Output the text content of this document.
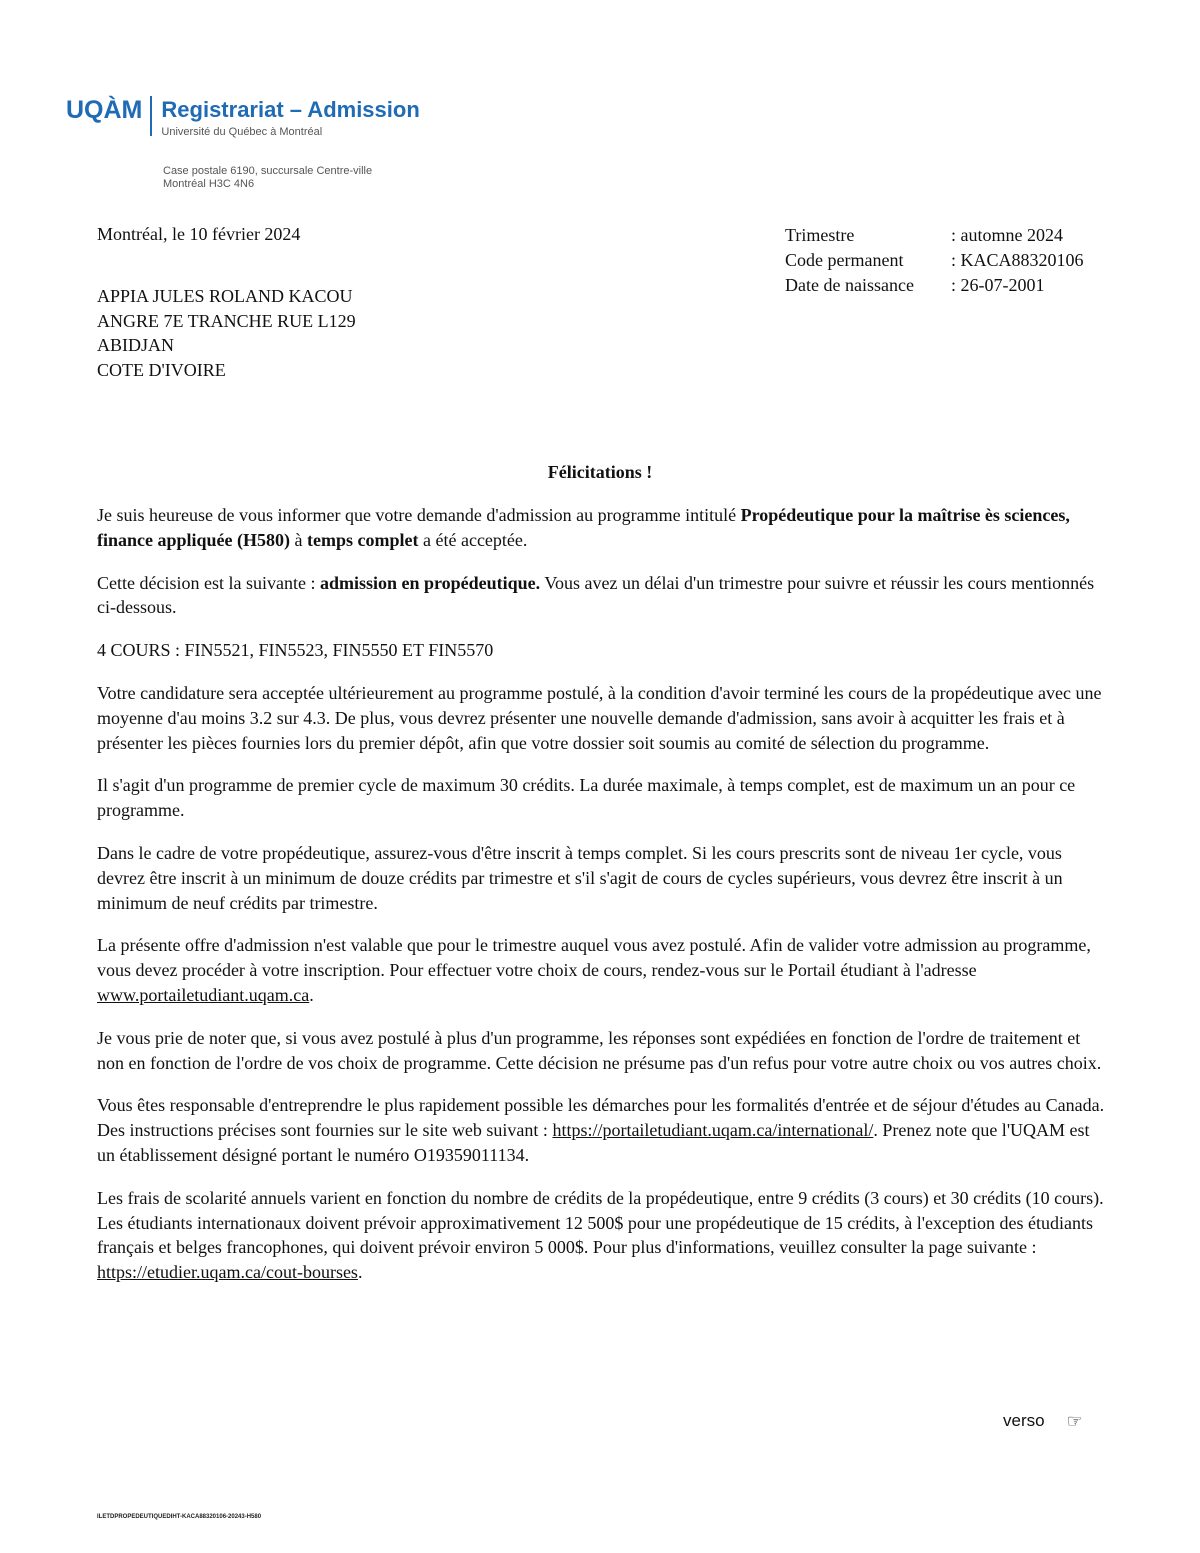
UQÀM Registrariat – Admission
Université du Québec à Montréal
Case postale 6190, succursale Centre-ville
Montréal H3C 4N6
Montréal, le 10 février 2024
APPIA JULES ROLAND KACOU
ANGRE 7E TRANCHE RUE L129
ABIDJAN
COTE D'IVOIRE
Trimestre	: automne 2024
Code permanent	: KACA88320106
Date de naissance	: 26-07-2001
Félicitations !

Je suis heureuse de vous informer que votre demande d'admission au programme intitulé Propédeutique pour la maîtrise ès sciences, finance appliquée (H580) à temps complet a été acceptée.

Cette décision est la suivante : admission en propédeutique. Vous avez un délai d'un trimestre pour suivre et réussir les cours mentionnés ci-dessous.

4 COURS : FIN5521, FIN5523, FIN5550 ET FIN5570

Votre candidature sera acceptée ultérieurement au programme postulé, à la condition d'avoir terminé les cours de la propédeutique avec une moyenne d'au moins 3.2 sur 4.3. De plus, vous devrez présenter une nouvelle demande d'admission, sans avoir à acquitter les frais et à présenter les pièces fournies lors du premier dépôt, afin que votre dossier soit soumis au comité de sélection du programme.

Il s'agit d'un programme de premier cycle de maximum 30 crédits. La durée maximale, à temps complet, est de maximum un an pour ce programme.

Dans le cadre de votre propédeutique, assurez-vous d'être inscrit à temps complet. Si les cours prescrits sont de niveau 1er cycle, vous devrez être inscrit à un minimum de douze crédits par trimestre et s'il s'agit de cours de cycles supérieurs, vous devrez être inscrit à un minimum de neuf crédits par trimestre.

La présente offre d'admission n'est valable que pour le trimestre auquel vous avez postulé. Afin de valider votre admission au programme, vous devez procéder à votre inscription. Pour effectuer votre choix de cours, rendez-vous sur le Portail étudiant à l'adresse www.portailetudiant.uqam.ca.

Je vous prie de noter que, si vous avez postulé à plus d'un programme, les réponses sont expédiées en fonction de l'ordre de traitement et non en fonction de l'ordre de vos choix de programme. Cette décision ne présume pas d'un refus pour votre autre choix ou vos autres choix.

Vous êtes responsable d'entreprendre le plus rapidement possible les démarches pour les formalités d'entrée et de séjour d'études au Canada. Des instructions précises sont fournies sur le site web suivant : https://portailetudiant.uqam.ca/international/. Prenez note que l'UQAM est un établissement désigné portant le numéro O19359011134.

Les frais de scolarité annuels varient en fonction du nombre de crédits de la propédeutique, entre 9 crédits (3 cours) et 30 crédits (10 cours). Les étudiants internationaux doivent prévoir approximativement 12 500$ pour une propédeutique de 15 crédits, à l'exception des étudiants français et belges francophones, qui doivent prévoir environ 5 000$. Pour plus d'informations, veuillez consulter la page suivante : https://etudier.uqam.ca/cout-bourses.

verso ☞
ILETDPROPEDEUTIQUEDIHT-KACA88320106-20243-H580
